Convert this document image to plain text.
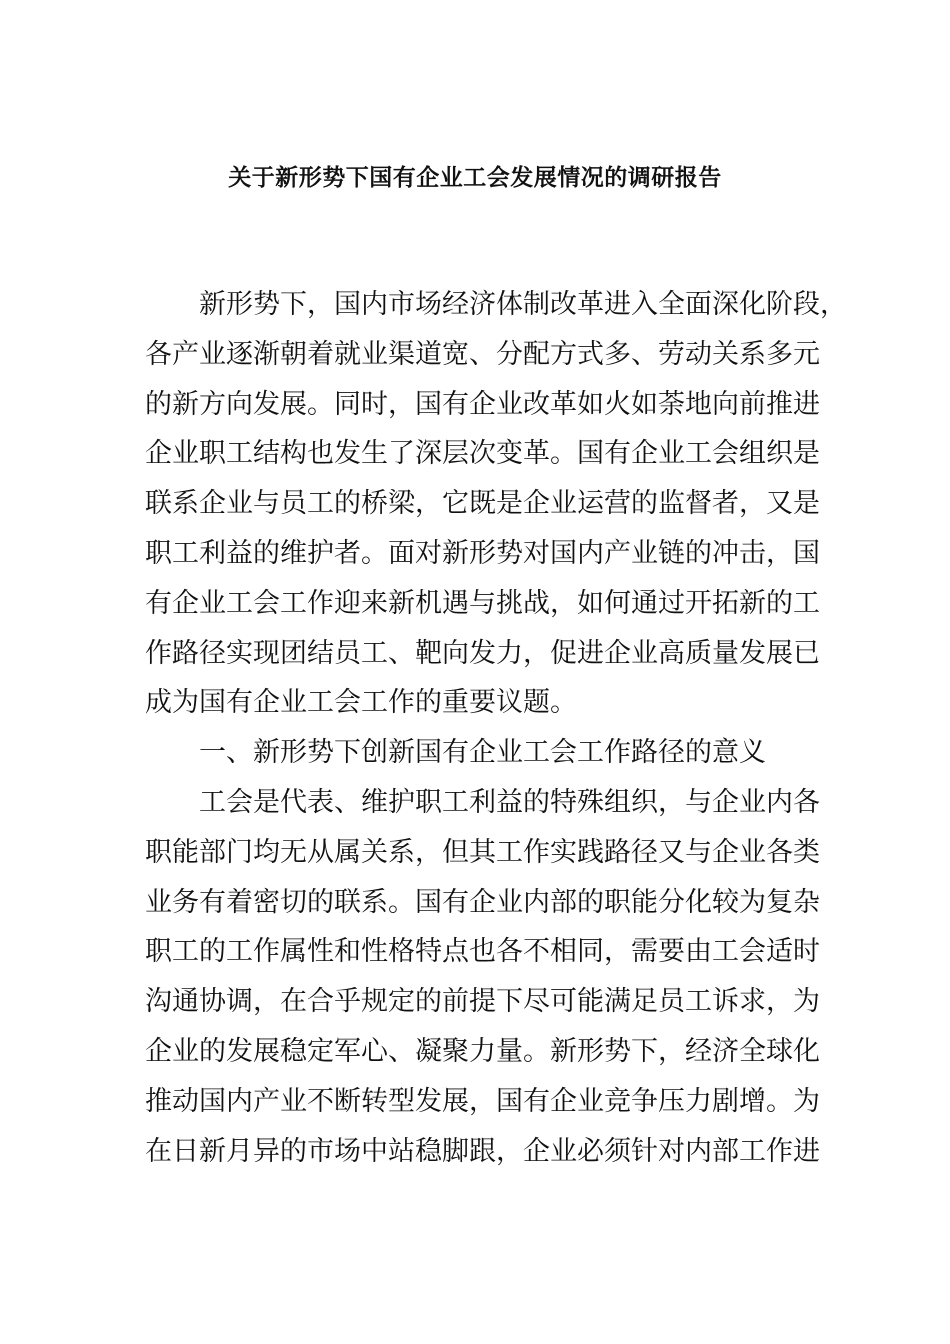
关于新形势下国有企业工会发展情况的调研报告
新形势下，国内市场经济体制改革进入全面深化阶段，
各产业逐渐朝着就业渠道宽、分配方式多、劳动关系多元
的新方向发展。同时，国有企业改革如火如荼地向前推进
企业职工结构也发生了深层次变革。国有企业工会组织是
联系企业与员工的桥梁，它既是企业运营的监督者，又是
职工利益的维护者。面对新形势对国内产业链的冲击，国
有企业工会工作迎来新机遇与挑战，如何通过开拓新的工
作路径实现团结员工、靶向发力，促进企业高质量发展已
成为国有企业工会工作的重要议题。
一、新形势下创新国有企业工会工作路径的意义
工会是代表、维护职工利益的特殊组织，与企业内各
职能部门均无从属关系，但其工作实践路径又与企业各类
业务有着密切的联系。国有企业内部的职能分化较为复杂
职工的工作属性和性格特点也各不相同，需要由工会适时
沟通协调，在合乎规定的前提下尽可能满足员工诉求，为
企业的发展稳定军心、凝聚力量。新形势下，经济全球化
推动国内产业不断转型发展，国有企业竞争压力剧增。为
在日新月异的市场中站稳脚跟，企业必须针对内部工作进
